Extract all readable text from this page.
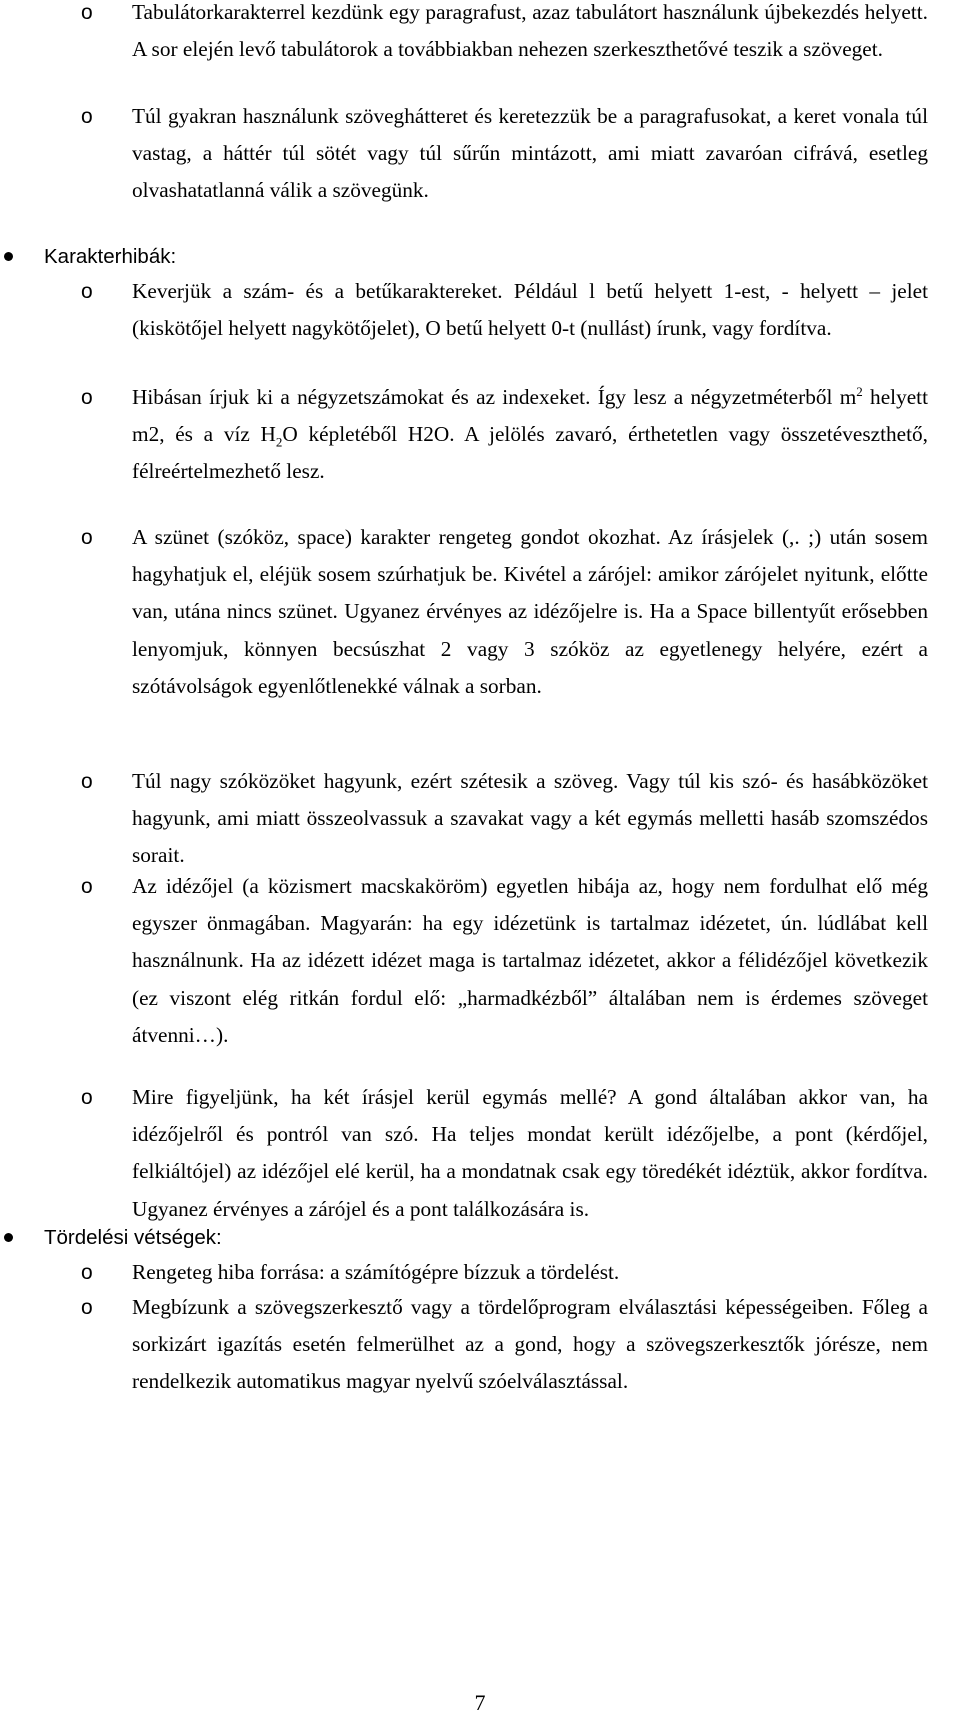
o Tabulátorkarakterrel kezdünk egy paragrafust, azaz tabulátort használunk újbekezdés helyett. A sor elején levő tabulátorok a továbbiakban nehezen szerkeszthetővé teszik a szöveget.
o Túl gyakran használunk szöveghátteret és keretezzük be a paragrafusokat, a keret vonala túl vastag, a háttér túl sötét vagy túl sűrűn mintázott, ami miatt zavaróan cifrává, esetleg olvashatatlanná válik a szövegünk.
Karakterhibák:
o Keverjük a szám- és a betűkaraktereket. Például l betű helyett 1-est, - helyett – jelet (kiskötőjel helyett nagykötőjelet), O betű helyett 0-t (nullást) írunk, vagy fordítva.
o Hibásan írjuk ki a négyzetszámokat és az indexeket. Így lesz a négyzetméterből $m^2$ helyett m2, és a víz $H_2O$ képletéből H2O. A jelölés zavaró, érthetetlen vagy összetéveszthető, félreértelmezhető lesz.
o A szünet (szóköz, space) karakter rengeteg gondot okozhat. Az írásjelek (,. ;) után sosem hagyhatjuk el, eléjük sosem szúrhatjuk be. Kivétel a zárójel: amikor zárójelet nyitunk, előtte van, utána nincs szünet. Ugyanez érvényes az idézőjelre is. Ha a Space billentyűt erősebben lenyomjuk, könnyen becsúszhat 2 vagy 3 szóköz az egyetlenegy helyére, ezért a szótávolságok egyenlőtlenekké válnak a sorban.
o Túl nagy szóközöket hagyunk, ezért szétesik a szöveg. Vagy túl kis szó- és hasábközöket hagyunk, ami miatt összeolvassuk a szavakat vagy a két egymás melletti hasáb szomszédos sorait.
o Az idézőjel (a közismert macskaköröm) egyetlen hibája az, hogy nem fordulhat elő még egyszer önmagában. Magyarán: ha egy idézetünk is tartalmaz idézetet, ún. lúdlábat kell használnunk. Ha az idézett idézet maga is tartalmaz idézetet, akkor a félidézőjel következik (ez viszont elég ritkán fordul elő: „harmadkézből” általában nem is érdemes szöveget átvenni…).
o Mire figyeljünk, ha két írásjel kerül egymás mellé? A gond általában akkor van, ha idézőjelről és pontról van szó. Ha teljes mondat került idézőjelbe, a pont (kérdőjel, felkiáltójel) az idézőjel elé kerül, ha a mondatnak csak egy töredékét idéztük, akkor fordítva. Ugyanez érvényes a zárójel és a pont találkozására is.
Tördelési vétségek:
o Rengeteg hiba forrása: a számítógépre bízzuk a tördelést.
o Megbízunk a szövegszerkesztő vagy a tördelőprogram elválasztási képességeiben. Főleg a sorkizárt igazítás esetén felmerülhet az a gond, hogy a szövegszerkesztők jórésze, nem rendelkezik automatikus magyar nyelvű szóelválasztással.
7
